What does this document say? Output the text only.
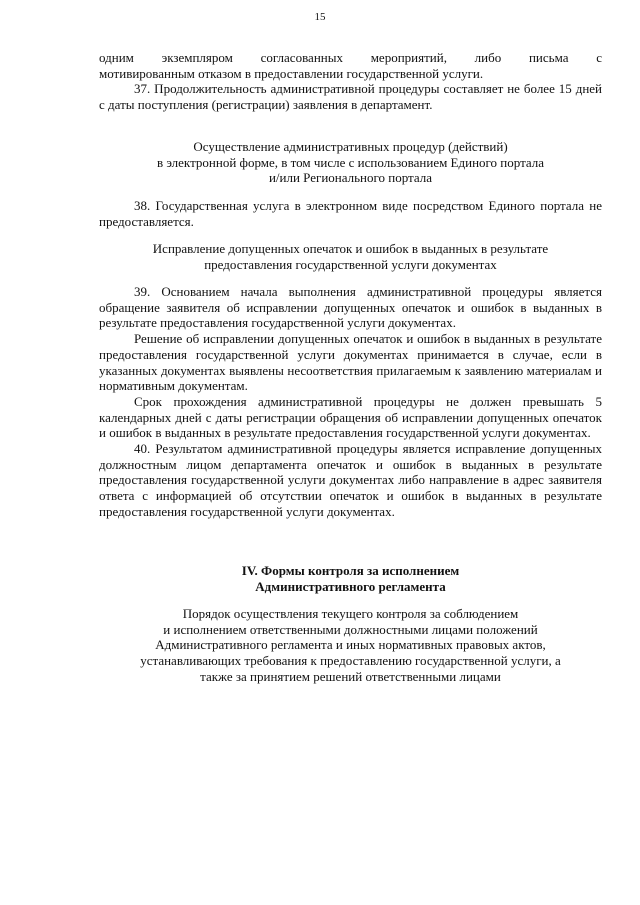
15

одним экземпляром согласованных мероприятий, либо письма с

мотивированным отказом в предоставлении государственной услуги.

37. Продолжительность административной процедуры составляет не более 15 дней с даты поступления (регистрации) заявления в департамент.

Осуществление административных процедур (действий)

в электронной форме, в том числе с использованием Единого портала

и/или Регионального портала

38. Государственная услуга в электронном виде посредством Единого портала не предоставляется.

Исправление допущенных опечаток и ошибок в выданных в результате

предоставления государственной услуги документах

39. Основанием начала выполнения административной процедуры является обращение заявителя об исправлении допущенных опечаток и ошибок в выданных в результате предоставления государственной услуги документах.

Решение об исправлении допущенных опечаток и ошибок в выданных в результате предоставления государственной услуги документах принимается в случае, если в указанных документах выявлены несоответствия прилагаемым к заявлению материалам и нормативным документам.

Срок прохождения административной процедуры не должен превышать 5 календарных дней с даты регистрации обращения об исправлении допущенных опечаток и ошибок в выданных в результате предоставления государственной услуги документах.

40. Результатом административной процедуры является исправление допущенных должностным лицом департамента опечаток и ошибок в выданных в результате предоставления государственной услуги документах либо направление в адрес заявителя ответа с информацией об отсутствии опечаток и ошибок в выданных в результате предоставления государственной услуги документах.

IV. Формы контроля за исполнением

Административного регламента

Порядок осуществления текущего контроля за соблюдением

и исполнением ответственными должностными лицами положений

Административного регламента и иных нормативных правовых актов,

устанавливающих требования к предоставлению государственной услуги, а

также за принятием решений ответственными лицами
